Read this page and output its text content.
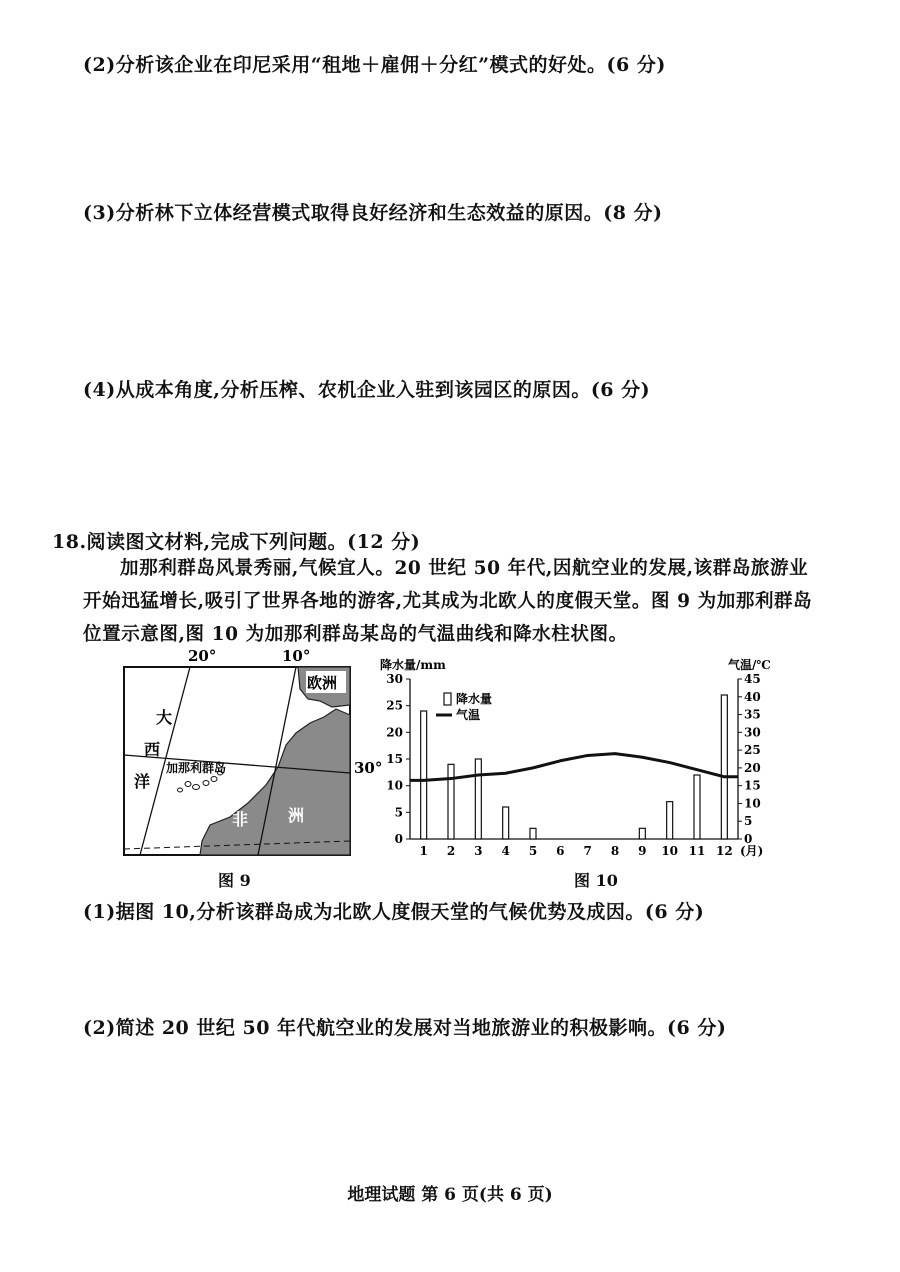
(2)分析该企业在印尼采用“租地＋雇佣＋分红”模式的好处。(6 分)
(3)分析林下立体经营模式取得良好经济和生态效益的原因。(8 分)
(4)从成本角度,分析压榨、农机企业入驻到该园区的原因。(6 分)
18.阅读图文材料,完成下列问题。(12 分)
加那利群岛风景秀丽,气候宜人。20 世纪 50 年代,因航空业的发展,该群岛旅游业
开始迅猛增长,吸引了世界各地的游客,尤其成为北欧人的度假天堂。图 9 为加那利群岛
位置示意图,图 10 为加那利群岛某岛的气温曲线和降水柱状图。
20°	10°
30°
欧洲
大
西
洋
加那利群岛
非 洲
图 9
降水量/mm	气温/℃
0
5
10
15
20
25
30
0
5
10
15
20
25
30
35
40
45
1 2 3 4 5 6 7 8 9 10 11 12 (月)
降水量
气温
图 10
(1)据图 10,分析该群岛成为北欧人度假天堂的气候优势及成因。(6 分)
(2)简述 20 世纪 50 年代航空业的发展对当地旅游业的积极影响。(6 分)
地理试题 第 6 页(共 6 页)
